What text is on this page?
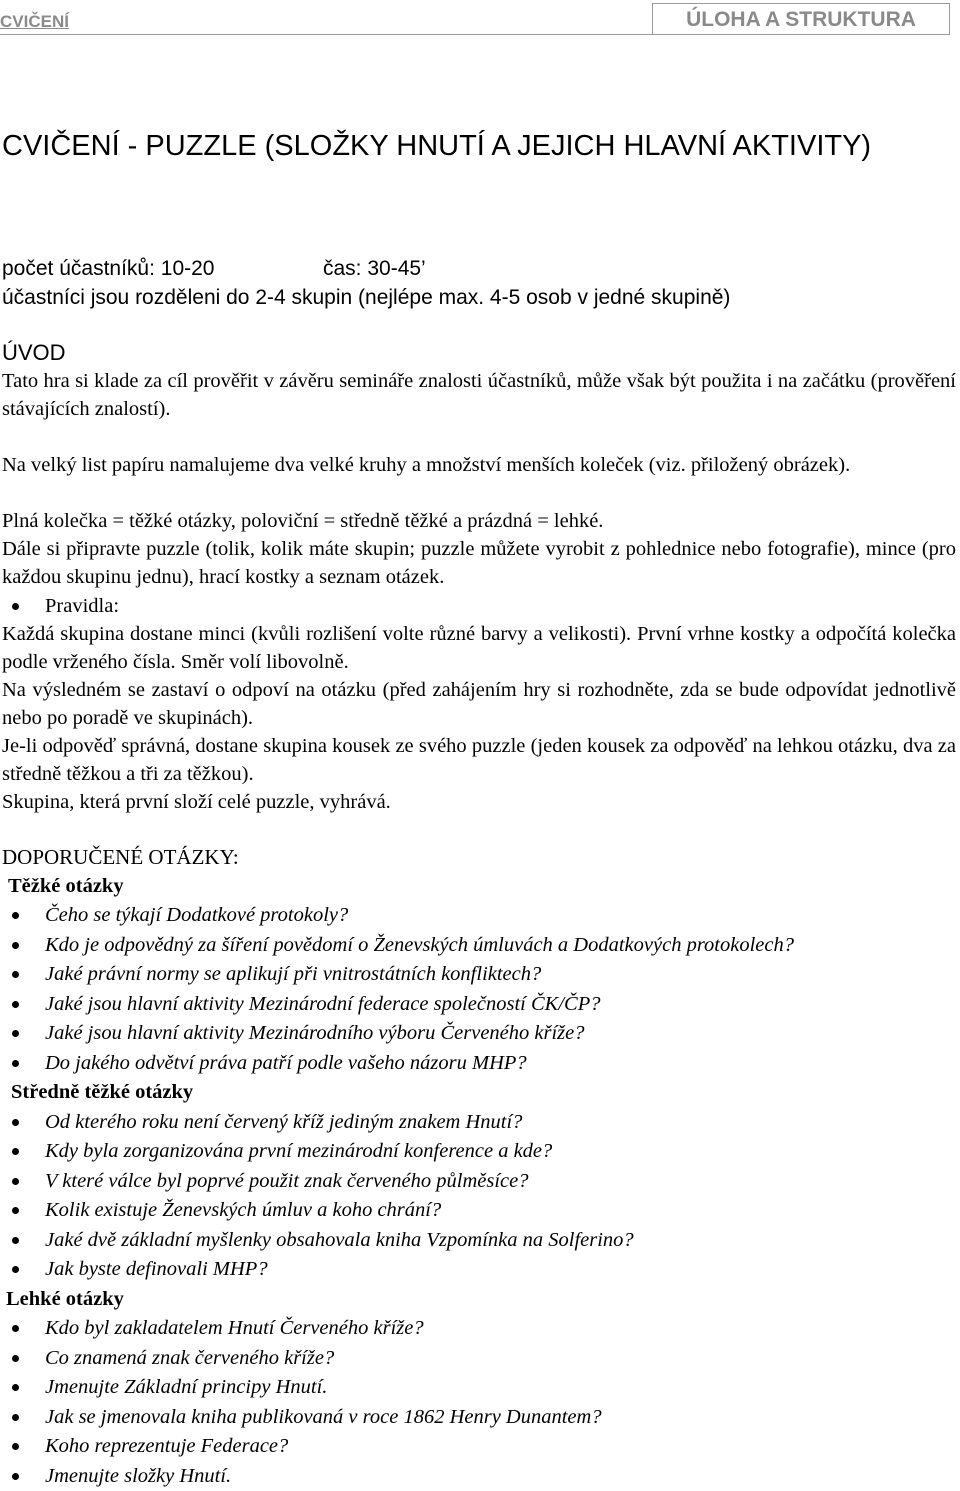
CVIČENÍ	ÚLOHA A STRUKTURA
CVIČENÍ - PUZZLE (SLOŽKY HNUTÍ A JEJICH HLAVNÍ AKTIVITY)
počet účastníků: 10-20	čas: 30-45’
účastníci jsou rozděleni do 2-4 skupin (nejlépe max. 4-5 osob v jedné skupině)
ÚVOD

Tato hra si klade za cíl prověřit v závěru semináře znalosti účastníků, může však být použita i na začátku (prověření stávajících znalostí).

Na velký list papíru namalujeme dva velké kruhy a množství menších koleček (viz. přiložený obrázek).

Plná kolečka = těžké otázky, poloviční = středně těžké a prázdná = lehké.

Dále si připravte puzzle (tolik, kolik máte skupin; puzzle můžete vyrobit z pohlednice nebo fotografie), mince (pro každou skupinu jednu), hrací kostky a seznam otázek.

Pravidla:

Každá skupina dostane minci (kvůli rozlišení volte různé barvy a velikosti). První vrhne kostky a odpočítá kolečka podle vrženého čísla. Směr volí libovolně.

Na výsledném se zastaví o odpoví na otázku (před zahájením hry si rozhodněte, zda se bude odpovídat jednotlivě nebo po poradě ve skupinách).

Je-li odpověď správná, dostane skupina kousek ze svého puzzle (jeden kousek za odpověď na lehkou otázku, dva za středně těžkou a tři za těžkou).

Skupina, která první složí celé puzzle, vyhrává.

DOPORUČENÉ OTÁZKY:
Těžké otázky
Čeho se týkají Dodatkové protokoly?
Kdo je odpovědný za šíření povědomí o Ženevských úmluvách a Dodatkových protokolech?
Jaké právní normy se aplikují při vnitrostátních konfliktech?
Jaké jsou hlavní aktivity Mezinárodní federace společností ČK/ČP?
Jaké jsou hlavní aktivity Mezinárodního výboru Červeného kříže?
Do jakého odvětví práva patří podle vašeho názoru MHP?
Středně těžké otázky
Od kterého roku není červený kříž jediným znakem Hnutí?
Kdy byla zorganizována první mezinárodní konference a kde?
V které válce byl poprvé použit znak červeného půlměsíce?
Kolik existuje Ženevských úmluv a koho chrání?
Jaké dvě základní myšlenky obsahovala kniha Vzpomínka na Solferino?
Jak byste definovali MHP?
Lehké otázky
Kdo byl zakladatelem Hnutí Červeného kříže?
Co znamená znak červeného kříže?
Jmenujte Základní principy Hnutí.
Jak se jmenovala kniha publikovaná v roce 1862 Henry Dunantem?
Koho reprezentuje Federace?
Jmenujte složky Hnutí.
